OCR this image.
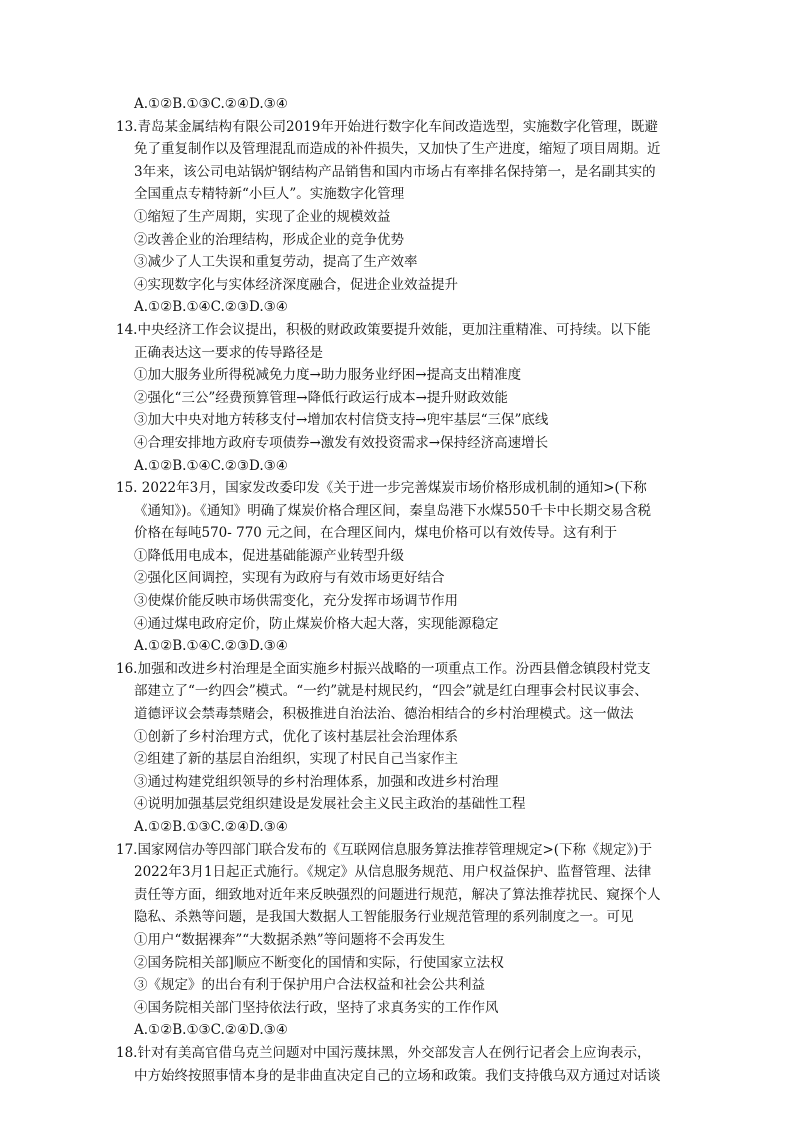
A.①②B.①③C.②④D.③④
13.青岛某金属结构有限公司2019年开始进行数字化车间改造选型，实施数字化管理，既避
免了重复制作以及管理混乱而造成的补件损失，又加快了生产进度，缩短了项目周期。近
3年来，该公司电站锅炉钢结构产品销售和国内市场占有率排名保持第一，是名副其实的
全国重点专精特新“小巨人”。实施数字化管理
①缩短了生产周期，实现了企业的规模效益
②改善企业的治理结构，形成企业的竞争优势
③减少了人工失误和重复劳动，提高了生产效率
④实现数字化与实体经济深度融合，促进企业效益提升
A.①②B.①④C.②③D.③④
14.中央经济工作会议提出，积极的财政政策要提升效能，更加注重精准、可持续。以下能
正确表达这一要求的传导路径是
①加大服务业所得税减免力度→助力服务业纾困→提高支出精准度
②强化“三公”经费预算管理→降低行政运行成本→提升财政效能
③加大中央对地方转移支付→增加农村信贷支持→兜牢基层“三保”底线
④合理安排地方政府专项债券→激发有效投资需求→保持经济高速增长
A.①②B.①④C.②③D.③④
15. 2022年3月，国家发改委印发《关于进一步完善煤炭市场价格形成机制的通知>(下称
《通知》)。《通知》明确了煤炭价格合理区间，秦皇岛港下水煤550千卡中长期交易含税
价格在每吨570- 770 元之间，在合理区间内，煤电价格可以有效传导。这有利于
①降低用电成本，促进基础能源产业转型升级
②强化区间调控，实现有为政府与有效市场更好结合
③使煤价能反映市场供需变化，充分发挥市场调节作用
④通过煤电政府定价，防止煤炭价格大起大落，实现能源稳定
A.①②B.①④C.②③D.③④
16.加强和改进乡村治理是全面实施乡村振兴战略的一项重点工作。汾西县僧念镇段村党支
部建立了“一约四会”模式。“一约”就是村规民约，“四会”就是红白理事会村民议事会、
道德评议会禁毒禁赌会，积极推进自治法治、德治相结合的乡村治理模式。这一做法
①创新了乡村治理方式，优化了该村基层社会治理体系
②组建了新的基层自治组织，实现了村民自己当家作主
③通过构建党组织领导的乡村治理体系，加强和改进乡村治理
④说明加强基层党组织建设是发展社会主义民主政治的基础性工程
A.①②B.①③C.②④D.③④
17.国家网信办等四部门联合发布的《互联网信息服务算法推荐管理规定>(下称《规定》)于
2022年3月1日起正式施行。《规定》从信息服务规范、用户权益保护、监督管理、法律
责任等方面，细致地对近年来反映强烈的问题进行规范，解决了算法推荐扰民、窥探个人
隐私、杀熟等问题，是我国大数据人工智能服务行业规范管理的系列制度之一。可见
①用户“数据裸奔”“大数据杀熟”等问题将不会再发生
②国务院相关部]顺应不断变化的国情和实际，行使国家立法权
③《规定》的出台有利于保护用户合法权益和社会公共利益
④国务院相关部门坚持依法行政，坚持了求真务实的工作作风
A.①②B.①③C.②④D.③④
18.针对有美高官借乌克兰问题对中国污蔑抹黑，外交部发言人在例行记者会上应询表示，
中方始终按照事情本身的是非曲直决定自己的立场和政策。我们支持俄乌双方通过对话谈
